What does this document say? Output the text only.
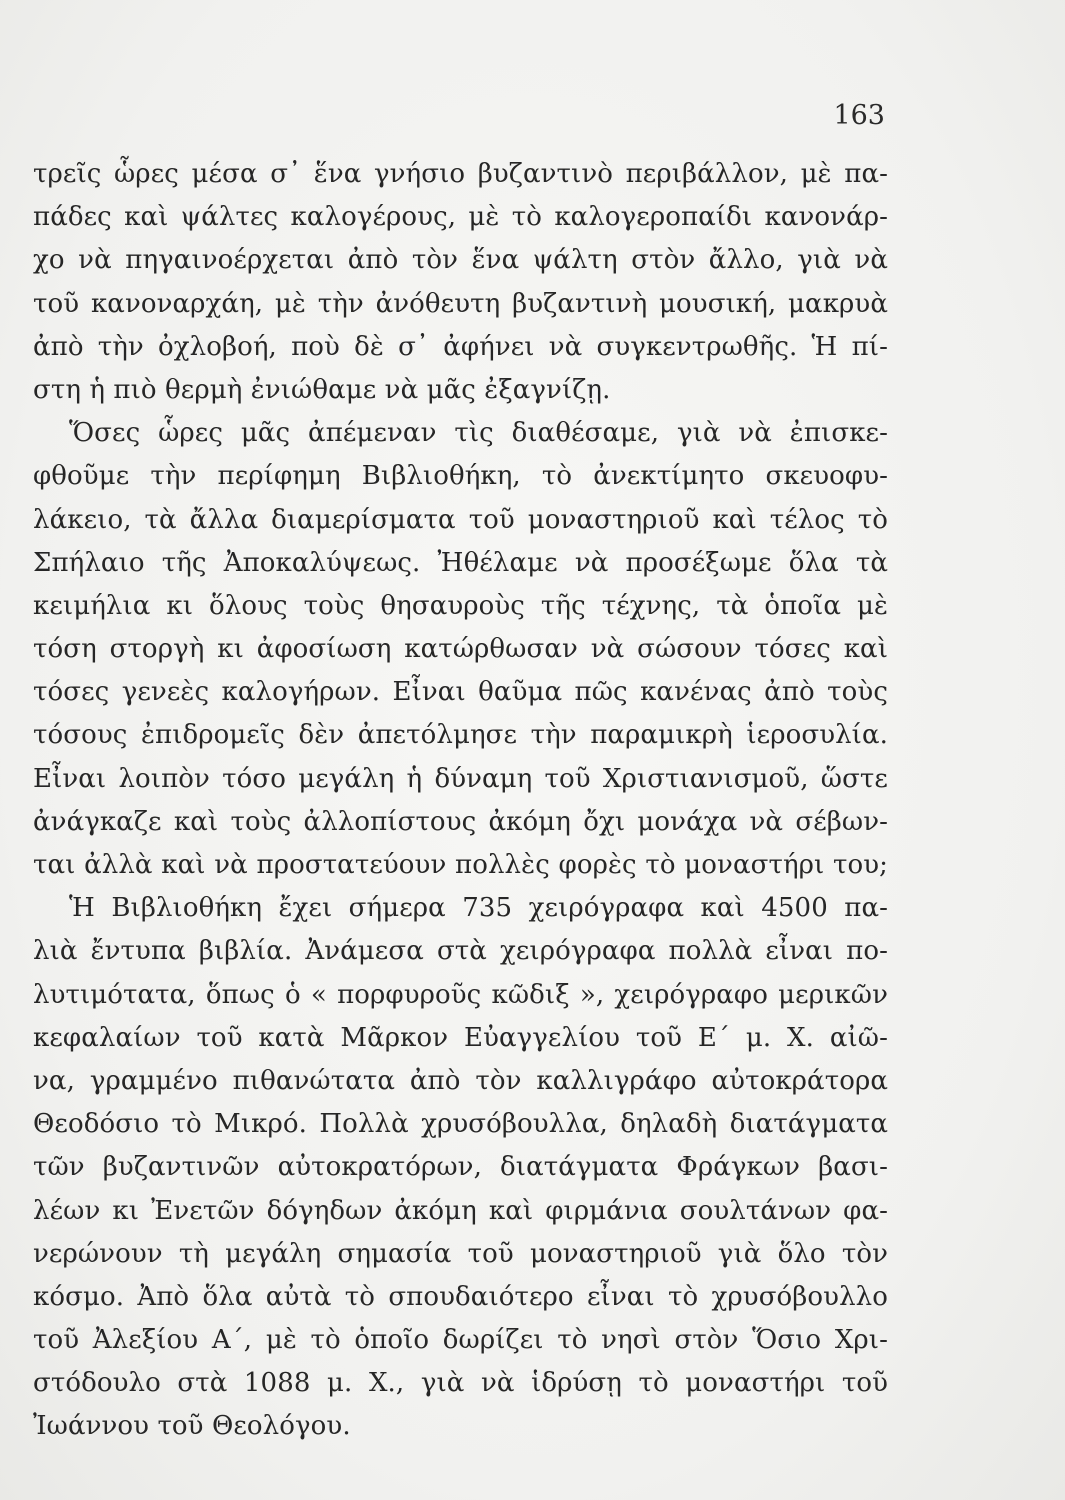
163
τρεῖς ὧρες μέσα σ᾿ ἕνα γνήσιο βυζαντινὸ περιβάλλον, μὲ πα-
πάδες καὶ ψάλτες καλογέρους, μὲ τὸ καλογεροπαίδι κανονάρ-
χο νὰ πηγαινοέρχεται ἀπὸ τὸν ἕνα ψάλτη στὸν ἄλλο, γιὰ νὰ
τοῦ κανοναρχάη, μὲ τὴν ἀνόθευτη βυζαντινὴ μουσική, μακρυὰ
ἀπὸ τὴν ὀχλοβοή, ποὺ δὲ σ᾿ ἀφήνει νὰ συγκεντρωθῆς. Ἡ πί-
στη ἡ πιὸ θερμὴ ἐνιώθαμε νὰ μᾶς ἐξαγνίζῃ.
Ὅσες ὧρες μᾶς ἀπέμεναν τὶς διαθέσαμε, γιὰ νὰ ἐπισκε-
φθοῦμε τὴν περίφημη Βιβλιοθήκη, τὸ ἀνεκτίμητο σκευοφυ-
λάκειο, τὰ ἄλλα διαμερίσματα τοῦ μοναστηριοῦ καὶ τέλος τὸ
Σπήλαιο τῆς Ἀποκαλύψεως. Ἠθέλαμε νὰ προσέξωμε ὅλα τὰ
κειμήλια κι ὅλους τοὺς θησαυροὺς τῆς τέχνης, τὰ ὁποῖα μὲ
τόση στοργὴ κι ἀφοσίωση κατώρθωσαν νὰ σώσουν τόσες καὶ
τόσες γενεὲς καλογήρων. Εἶναι θαῦμα πῶς κανένας ἀπὸ τοὺς
τόσους ἐπιδρομεῖς δὲν ἀπετόλμησε τὴν παραμικρὴ ἱεροσυλία.
Εἶναι λοιπὸν τόσο μεγάλη ἡ δύναμη τοῦ Χριστιανισμοῦ, ὥστε
ἀνάγκαζε καὶ τοὺς ἀλλοπίστους ἀκόμη ὄχι μονάχα νὰ σέβων-
ται ἀλλὰ καὶ νὰ προστατεύουν πολλὲς φορὲς τὸ μοναστήρι του;
Ἡ Βιβλιοθήκη ἔχει σήμερα 735 χειρόγραφα καὶ 4500 πα-
λιὰ ἔντυπα βιβλία. Ἀνάμεσα στὰ χειρόγραφα πολλὰ εἶναι πο-
λυτιμότατα, ὅπως ὁ « πορφυροῦς κῶδιξ », χειρόγραφο μερικῶν
κεφαλαίων τοῦ κατὰ Μᾶρκον Εὐαγγελίου τοῦ Ε΄ μ. Χ. αἰῶ-
να, γραμμένο πιθανώτατα ἀπὸ τὸν καλλιγράφο αὐτοκράτορα
Θεοδόσιο τὸ Μικρό. Πολλὰ χρυσόβουλλα, δηλαδὴ διατάγματα
τῶν βυζαντινῶν αὐτοκρατόρων, διατάγματα Φράγκων βασι-
λέων κι Ἐνετῶν δόγηδων ἀκόμη καὶ φιρμάνια σουλτάνων φα-
νερώνουν τὴ μεγάλη σημασία τοῦ μοναστηριοῦ γιὰ ὅλο τὸν
κόσμο. Ἀπὸ ὅλα αὐτὰ τὸ σπουδαιότερο εἶναι τὸ χρυσόβουλλο
τοῦ Ἀλεξίου Α΄, μὲ τὸ ὁποῖο δωρίζει τὸ νησὶ στὸν Ὅσιο Χρι-
στόδουλο στὰ 1088 μ. Χ., γιὰ νὰ ἱδρύσῃ τὸ μοναστήρι τοῦ
Ἰωάννου τοῦ Θεολόγου.
